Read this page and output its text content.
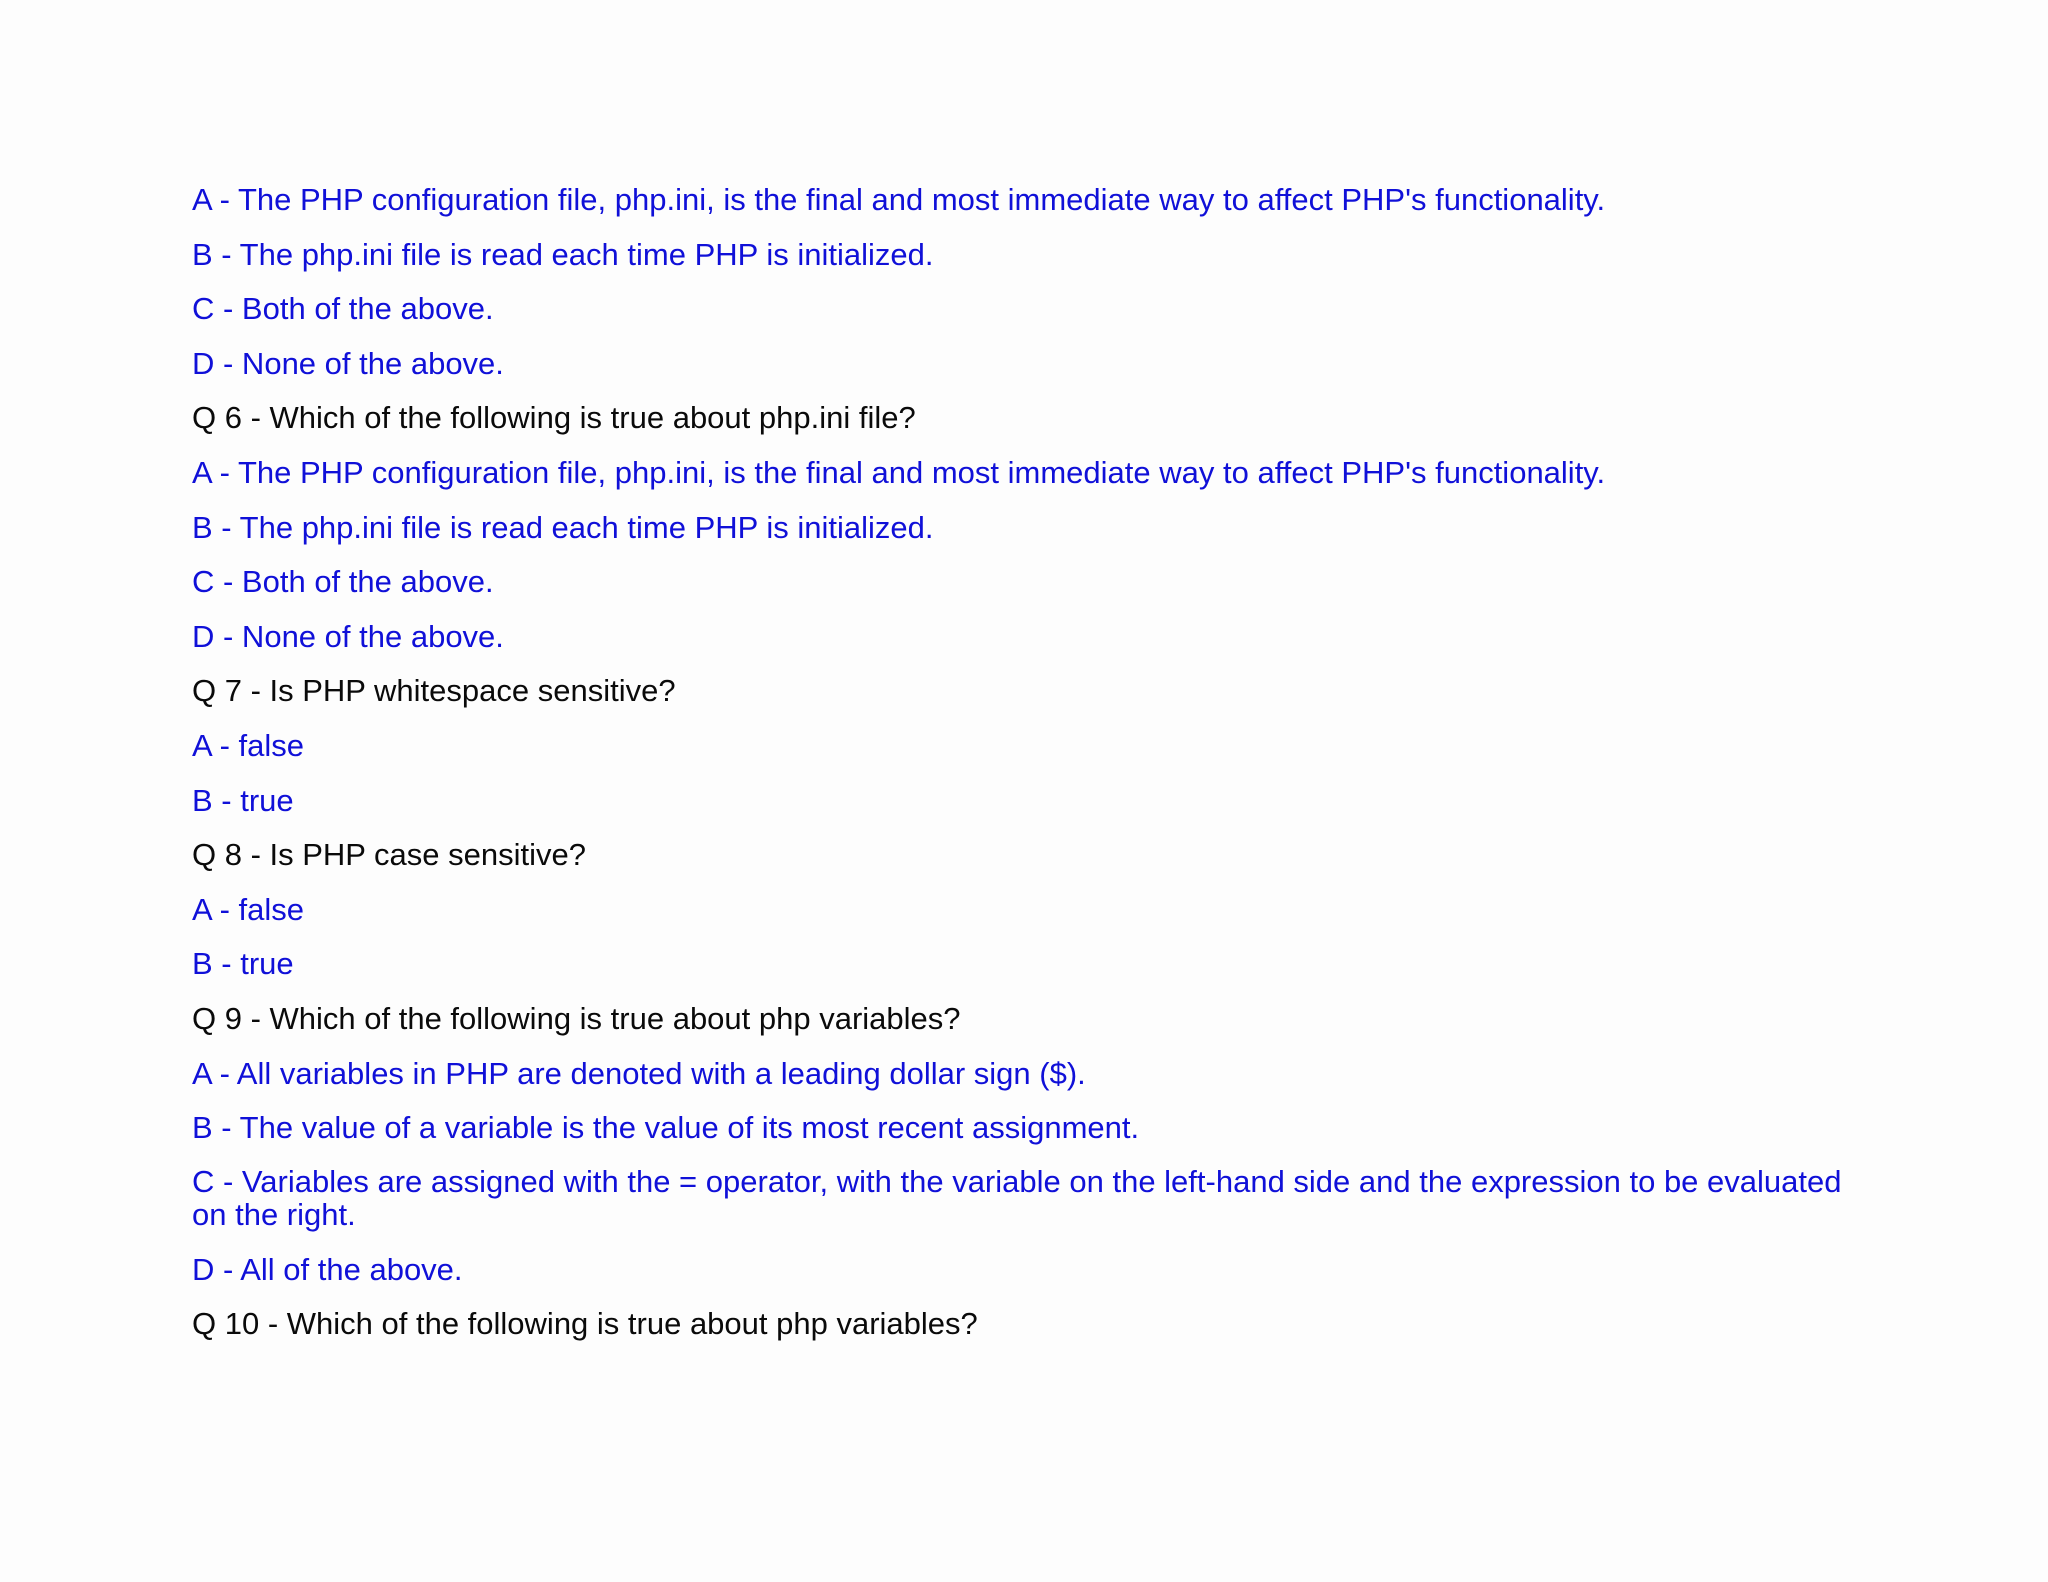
A - The PHP configuration file, php.ini, is the final and most immediate way to affect PHP's functionality.
B - The php.ini file is read each time PHP is initialized.
C - Both of the above.
D - None of the above.
Q 6 - Which of the following is true about php.ini file?
A - The PHP configuration file, php.ini, is the final and most immediate way to affect PHP's functionality.
B - The php.ini file is read each time PHP is initialized.
C - Both of the above.
D - None of the above.
Q 7 - Is PHP whitespace sensitive?
A - false
B - true
Q 8 - Is PHP case sensitive?
A - false
B - true
Q 9 - Which of the following is true about php variables?
A - All variables in PHP are denoted with a leading dollar sign ($).
B - The value of a variable is the value of its most recent assignment.
C - Variables are assigned with the = operator, with the variable on the left-hand side and the expression to be evaluated on the right.
D - All of the above.
Q 10 - Which of the following is true about php variables?
